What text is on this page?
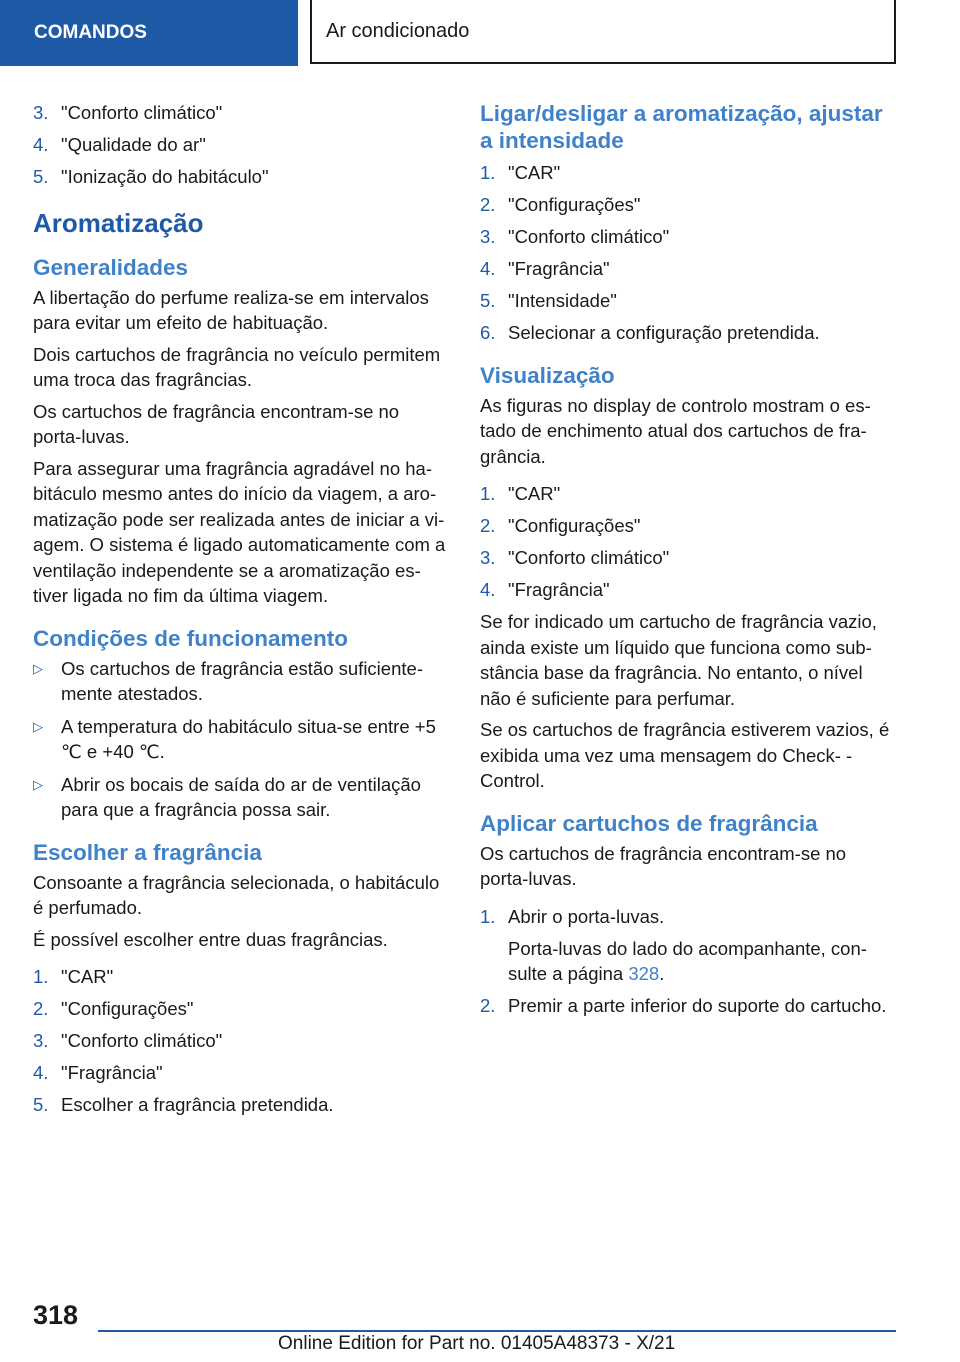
COMANDOS	Ar condicionado
3. "Conforto climático"
4. "Qualidade do ar"
5. "Ionização do habitáculo"
Aromatização
Generalidades

A libertação do perfume realiza-se em intervalos para evitar um efeito de habituação.

Dois cartuchos de fragrância no veículo permitem uma troca das fragrâncias.

Os cartuchos de fragrância encontram-se no porta-luvas.

Para assegurar uma fragrância agradável no habitáculo mesmo antes do início da viagem, a aromatização pode ser realizada antes de iniciar a viagem. O sistema é ligado automaticamente com a ventilação independente se a aromatização estiver ligada no fim da última viagem.

Condições de funcionamento
▷ Os cartuchos de fragrância estão suficientemente atestados.
▷ A temperatura do habitáculo situa-se entre +5 ℃ e +40 ℃.
▷ Abrir os bocais de saída do ar de ventilação para que a fragrância possa sair.
Escolher a fragrância

Consoante a fragrância selecionada, o habitáculo é perfumado.

É possível escolher entre duas fragrâncias.

1. "CAR"
2. "Configurações"
3. "Conforto climático"
4. "Fragrância"
5. Escolher a fragrância pretendida.
Ligar/desligar a aromatização, ajustar a intensidade
1. "CAR"
2. "Configurações"
3. "Conforto climático"
4. "Fragrância"
5. "Intensidade"
6. Selecionar a configuração pretendida.
Visualização

As figuras no display de controlo mostram o estado de enchimento atual dos cartuchos de fragrância.

1. "CAR"
2. "Configurações"
3. "Conforto climático"
4. "Fragrância"

Se for indicado um cartucho de fragrância vazio, ainda existe um líquido que funciona como substância base da fragrância. No entanto, o nível não é suficiente para perfumar.

Se os cartuchos de fragrância estiverem vazios, é exibida uma vez uma mensagem do Check- -Control.

Aplicar cartuchos de fragrância

Os cartuchos de fragrância encontram-se no porta-luvas.

1. Abrir o porta-luvas.

Porta-luvas do lado do acompanhante, consulte a página 328.

2. Premir a parte inferior do suporte do cartucho.
318
Online Edition for Part no. 01405A48373 - X/21
